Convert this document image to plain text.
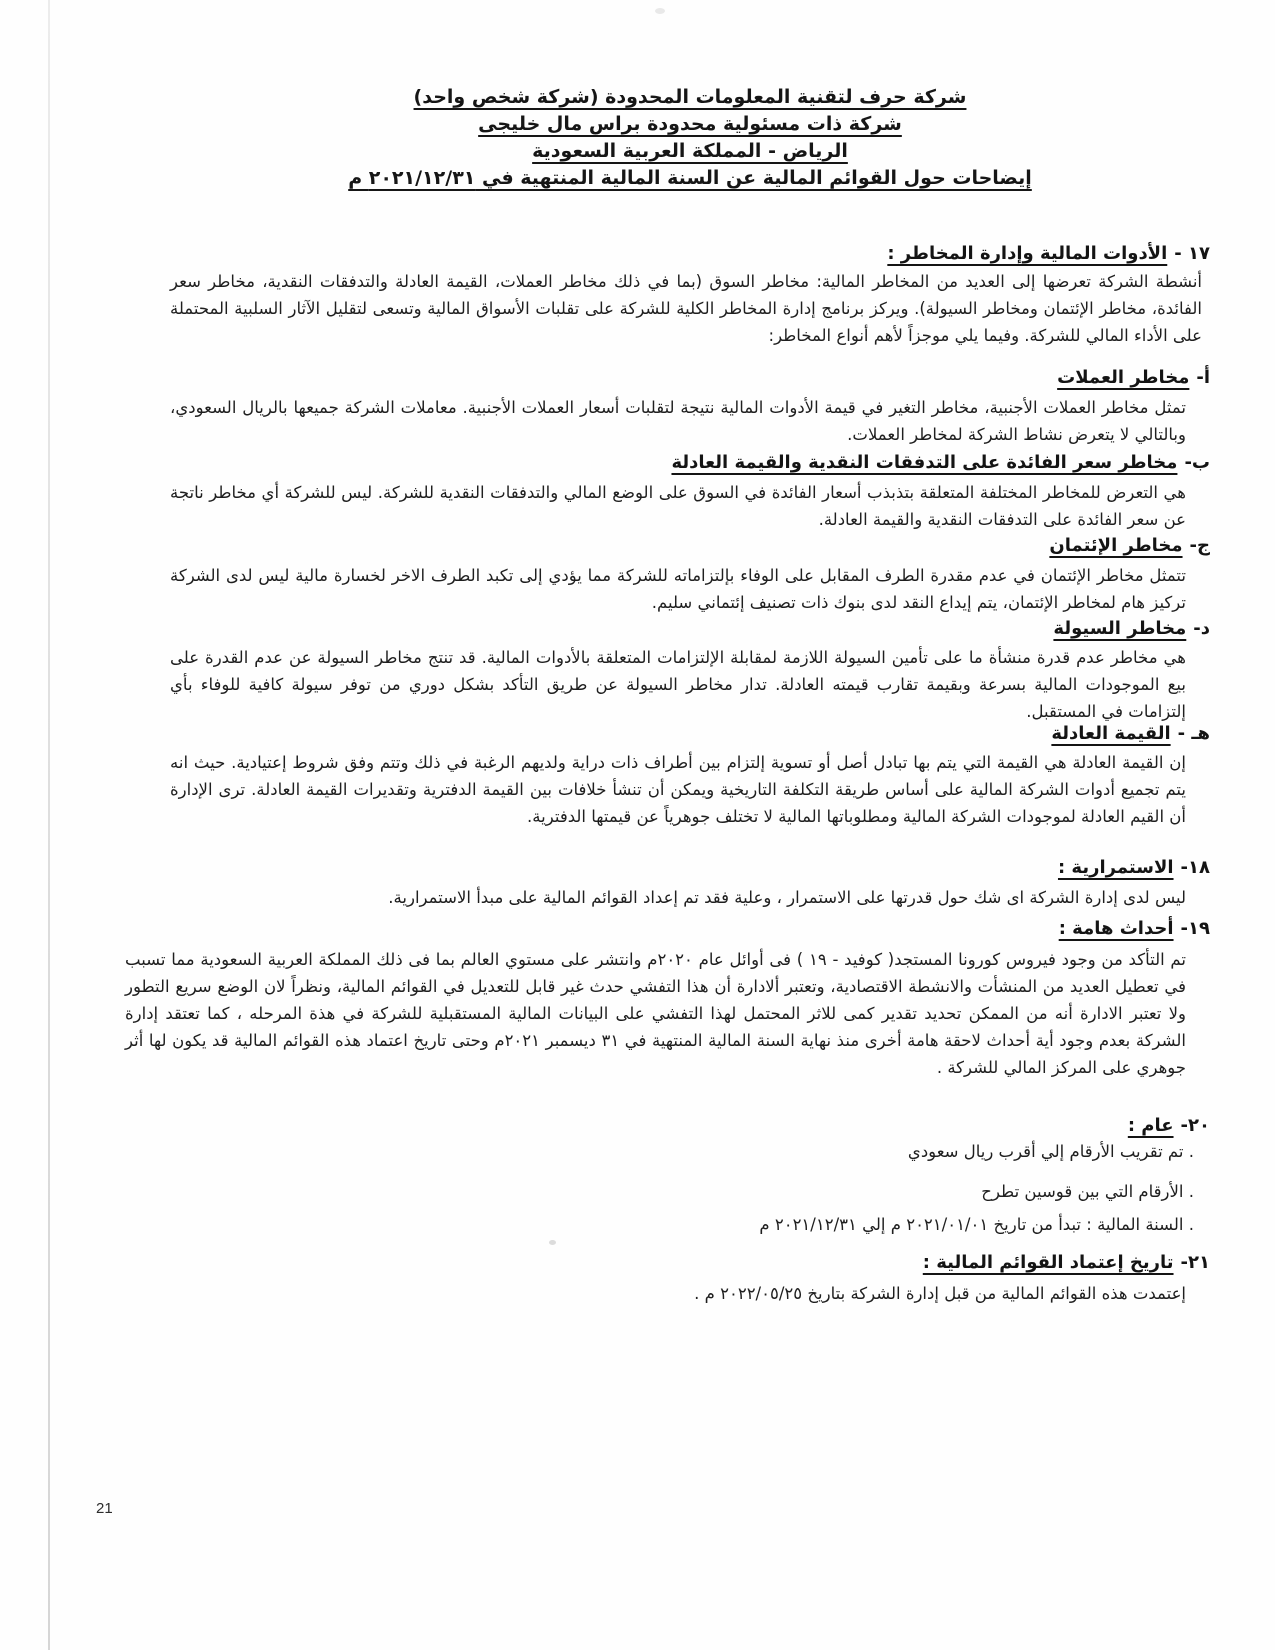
شركة حرف لتقنية المعلومات المحدودة (شركة شخص واحد)
شركة ذات مسئولية محدودة براس مال خليجى
الرياض - المملكة العربية السعودية
إيضاحات حول القوائم المالية عن السنة المالية المنتهية في ٢٠٢١/١٢/٣١ م
١٧ -الأدوات المالية وإدارة المخاطر :

أنشطة الشركة تعرضها إلى العديد من المخاطر المالية: مخاطر السوق (بما في ذلك مخاطر العملات، القيمة العادلة والتدفقات النقدية، مخاطر سعر الفائدة، مخاطر الإئتمان ومخاطر السيولة). ويركز برنامج إدارة المخاطر الكلية للشركة على تقلبات الأسواق المالية وتسعى لتقليل الآثار السلبية المحتملة على الأداء المالي للشركة. وفيما يلي موجزاً لأهم أنواع المخاطر:

أ-مخاطر العملات

تمثل مخاطر العملات الأجنبية، مخاطر التغير في قيمة الأدوات المالية نتيجة لتقلبات أسعار العملات الأجنبية. معاملات الشركة جميعها بالريال السعودي، وبالتالي لا يتعرض نشاط الشركة لمخاطر العملات.

ب-مخاطر سعر الفائدة على التدفقات النقدية والقيمة العادلة

هي التعرض للمخاطر المختلفة المتعلقة بتذبذب أسعار الفائدة في السوق على الوضع المالي والتدفقات النقدية للشركة. ليس للشركة أي مخاطر ناتجة عن سعر الفائدة على التدفقات النقدية والقيمة العادلة.

ج-مخاطر الإئتمان

تتمثل مخاطر الإئتمان في عدم مقدرة الطرف المقابل على الوفاء بإلتزاماته للشركة مما يؤدي إلى تكبد الطرف الاخر لخسارة مالية ليس لدى الشركة تركيز هام لمخاطر الإئتمان، يتم إيداع النقد لدى بنوك ذات تصنيف إئتماني سليم.

د-مخاطر السيولة

هي مخاطر عدم قدرة منشأة ما على تأمين السيولة اللازمة لمقابلة الإلتزامات المتعلقة بالأدوات المالية. قد تنتج مخاطر السيولة عن عدم القدرة على بيع الموجودات المالية بسرعة وبقيمة تقارب قيمته العادلة. تدار مخاطر السيولة عن طريق التأكد بشكل دوري من توفر سيولة كافية للوفاء بأي إلتزامات في المستقبل.

هـ -القيمة العادلة

إن القيمة العادلة هي القيمة التي يتم بها تبادل أصل أو تسوية إلتزام بين أطراف ذات دراية ولديهم الرغبة في ذلك وتتم وفق شروط إعتيادية. حيث انه يتم تجميع أدوات الشركة المالية على أساس طريقة التكلفة التاريخية ويمكن أن تنشأ خلافات بين القيمة الدفترية وتقديرات القيمة العادلة. ترى الإدارة أن القيم العادلة لموجودات الشركة المالية ومطلوباتها المالية لا تختلف جوهرياً عن قيمتها الدفترية.

١٨-الاستمرارية :

ليس لدى إدارة الشركة اى شك حول قدرتها على الاستمرار ، وعلية فقد تم إعداد القوائم المالية على مبدأ الاستمرارية.

١٩-أحداث هامة :

تم التأكد من وجود فيروس كورونا المستجد( كوفيد - ١٩ ) فى أوائل عام ٢٠٢٠م وانتشر على مستوي العالم بما فى ذلك المملكة العربية السعودية مما تسبب في تعطيل العديد من المنشأت والانشطة الاقتصادية، وتعتبر ألادارة أن هذا التفشي حدث غير قابل للتعديل في القوائم المالية، ونظراً لان الوضع سريع التطور ولا تعتبر الادارة أنه من الممكن تحديد تقدير كمى للاثر المحتمل لهذا التفشي على البيانات المالية المستقبلية للشركة في هذة المرحله ، كما تعتقد إدارة الشركة بعدم وجود أية أحداث لاحقة هامة أخرى منذ نهاية السنة المالية المنتهية في ٣١ ديسمبر ٢٠٢١م وحتى تاريخ اعتماد هذه القوائم المالية قد يكون لها أثر جوهري على المركز المالي للشركة .

٢٠-عام :

. تم تقريب الأرقام إلي أقرب ريال سعودي

. الأرقام التي بين قوسين تطرح

. السنة المالية : تبدأ من تاريخ ٢٠٢١/٠١/٠١ م إلي ٢٠٢١/١٢/٣١ م

٢١-تاريخ إعتماد القوائم المالية :

إعتمدت هذه القوائم المالية من قبل إدارة الشركة بتاريخ ٢٠٢٢/٠٥/٢٥ م .

21
